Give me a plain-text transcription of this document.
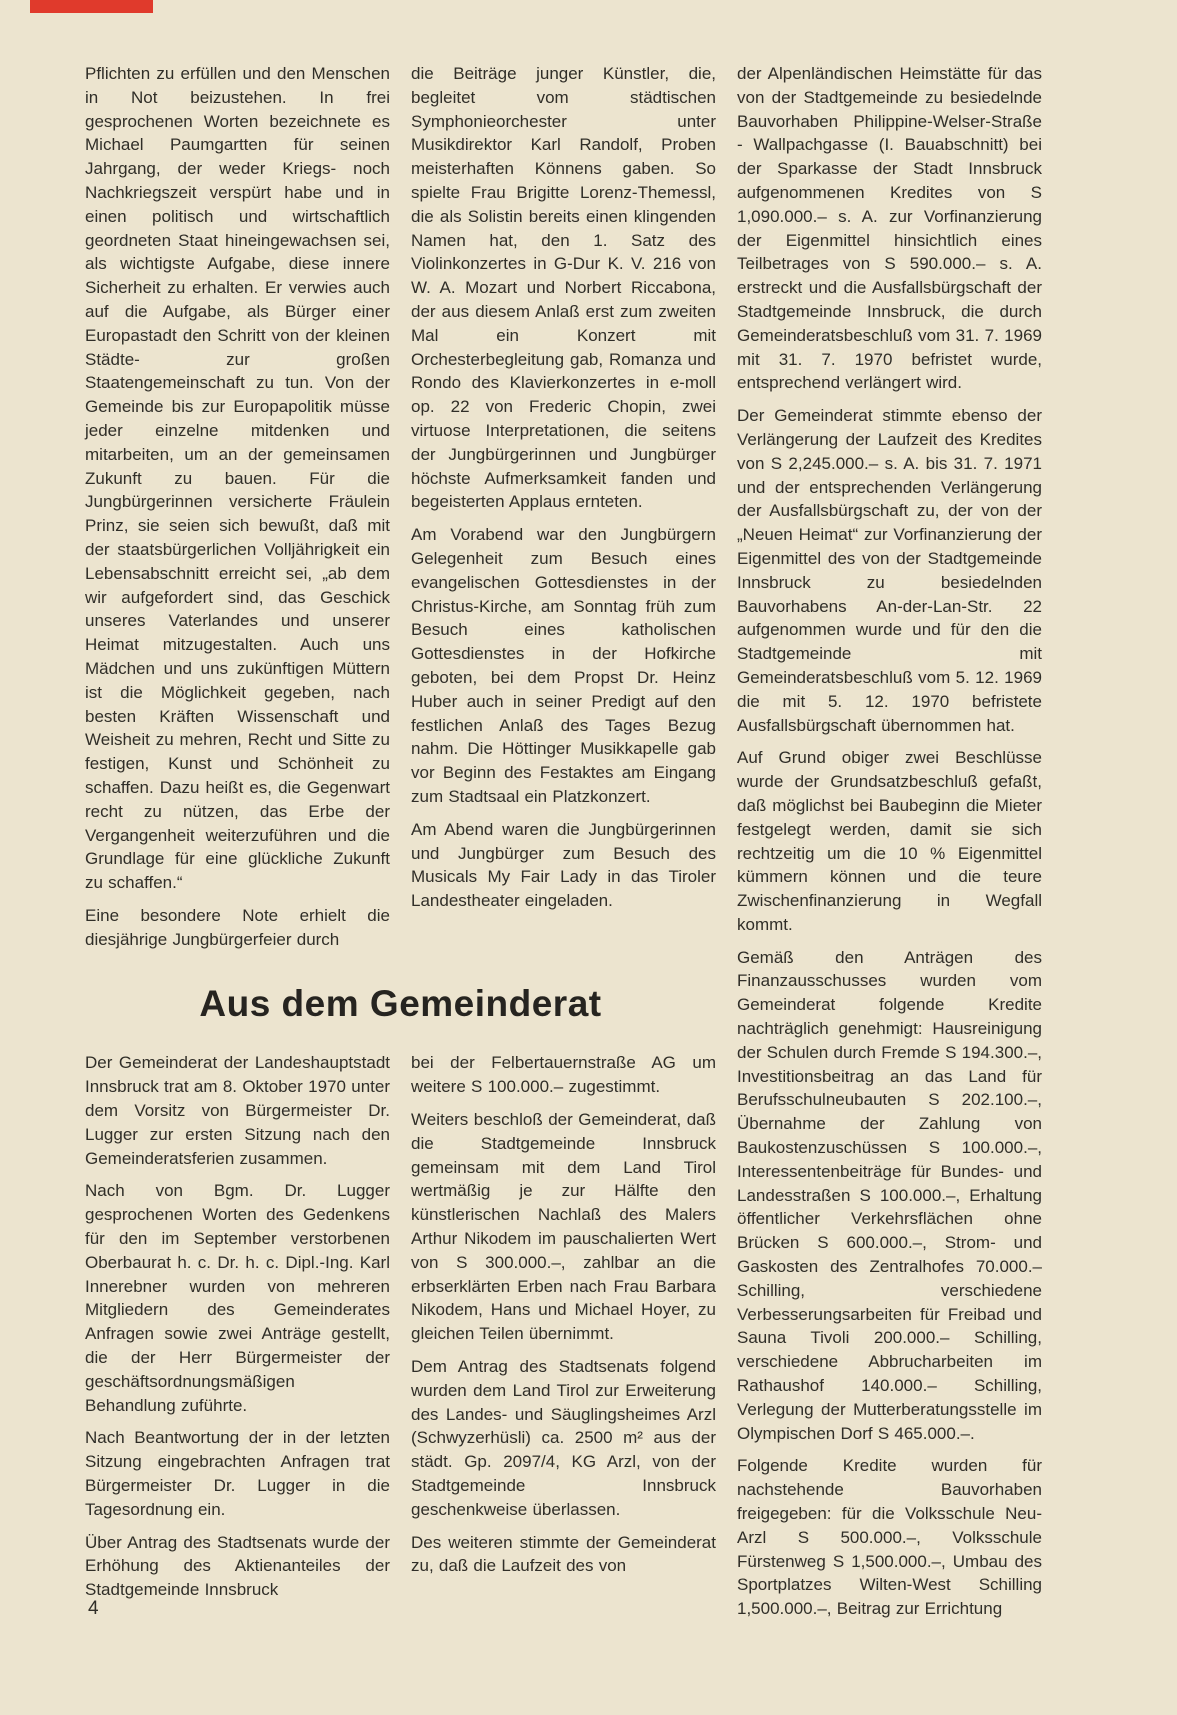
Pflichten zu erfüllen und den Menschen in Not beizustehen. In frei gesprochenen Worten bezeichnete es Michael Paumgartten für seinen Jahrgang, der weder Kriegs- noch Nachkriegszeit verspürt habe und in einen politisch und wirtschaftlich geordneten Staat hineingewachsen sei, als wichtigste Aufgabe, diese innere Sicherheit zu erhalten. Er verwies auch auf die Aufgabe, als Bürger einer Europastadt den Schritt von der kleinen Städte- zur großen Staatengemeinschaft zu tun. Von der Gemeinde bis zur Europapolitik müsse jeder einzelne mitdenken und mitarbeiten, um an der gemeinsamen Zukunft zu bauen. Für die Jungbürgerinnen versicherte Fräulein Prinz, sie seien sich bewußt, daß mit der staatsbürgerlichen Volljährigkeit ein Lebensabschnitt erreicht sei, „ab dem wir aufgefordert sind, das Geschick unseres Vaterlandes und unserer Heimat mitzugestalten. Auch uns Mädchen und uns zukünftigen Müttern ist die Möglichkeit gegeben, nach besten Kräften Wissenschaft und Weisheit zu mehren, Recht und Sitte zu festigen, Kunst und Schönheit zu schaffen. Dazu heißt es, die Gegenwart recht zu nützen, das Erbe der Vergangenheit weiterzuführen und die Grundlage für eine glückliche Zukunft zu schaffen.“

Eine besondere Note erhielt die diesjährige Jungbürgerfeier durch

die Beiträge junger Künstler, die, begleitet vom städtischen Symphonieorchester unter Musikdirektor Karl Randolf, Proben meisterhaften Könnens gaben. So spielte Frau Brigitte Lorenz-Themessl, die als Solistin bereits einen klingenden Namen hat, den 1. Satz des Violinkonzertes in G-Dur K. V. 216 von W. A. Mozart und Norbert Riccabona, der aus diesem Anlaß erst zum zweiten Mal ein Konzert mit Orchesterbegleitung gab, Romanza und Rondo des Klavierkonzertes in e-moll op. 22 von Frederic Chopin, zwei virtuose Interpretationen, die seitens der Jungbürgerinnen und Jungbürger höchste Aufmerksamkeit fanden und begeisterten Applaus ernteten.

Am Vorabend war den Jungbürgern Gelegenheit zum Besuch eines evangelischen Gottesdienstes in der Christus-Kirche, am Sonntag früh zum Besuch eines katholischen Gottesdienstes in der Hofkirche geboten, bei dem Propst Dr. Heinz Huber auch in seiner Predigt auf den festlichen Anlaß des Tages Bezug nahm. Die Höttinger Musikkapelle gab vor Beginn des Festaktes am Eingang zum Stadtsaal ein Platzkonzert.

Am Abend waren die Jungbürgerinnen und Jungbürger zum Besuch des Musicals My Fair Lady in das Tiroler Landestheater eingeladen.

Aus dem Gemeinderat

Der Gemeinderat der Landeshauptstadt Innsbruck trat am 8. Oktober 1970 unter dem Vorsitz von Bürgermeister Dr. Lugger zur ersten Sitzung nach den Gemeinderatsferien zusammen.

Nach von Bgm. Dr. Lugger gesprochenen Worten des Gedenkens für den im September verstorbenen Oberbaurat h. c. Dr. h. c. Dipl.-Ing. Karl Innerebner wurden von mehreren Mitgliedern des Gemeinderates Anfragen sowie zwei Anträge gestellt, die der Herr Bürgermeister der geschäftsordnungsmäßigen Behandlung zuführte.

Nach Beantwortung der in der letzten Sitzung eingebrachten Anfragen trat Bürgermeister Dr. Lugger in die Tagesordnung ein.

Über Antrag des Stadtsenats wurde der Erhöhung des Aktienanteiles der Stadtgemeinde Innsbruck

bei der Felbertauernstraße AG um weitere S 100.000.– zugestimmt.

Weiters beschloß der Gemeinderat, daß die Stadtgemeinde Innsbruck gemeinsam mit dem Land Tirol wertmäßig je zur Hälfte den künstlerischen Nachlaß des Malers Arthur Nikodem im pauschalierten Wert von S 300.000.–, zahlbar an die erbserklärten Erben nach Frau Barbara Nikodem, Hans und Michael Hoyer, zu gleichen Teilen übernimmt.

Dem Antrag des Stadtsenats folgend wurden dem Land Tirol zur Erweiterung des Landes- und Säuglingsheimes Arzl (Schwyzerhüsli) ca. 2500 m² aus der städt. Gp. 2097/4, KG Arzl, von der Stadtgemeinde Innsbruck geschenkweise überlassen.

Des weiteren stimmte der Gemeinderat zu, daß die Laufzeit des von

der Alpenländischen Heimstätte für das von der Stadtgemeinde zu besiedelnde Bauvorhaben Philippine-Welser-Straße - Wallpachgasse (I. Bauabschnitt) bei der Sparkasse der Stadt Innsbruck aufgenommenen Kredites von S 1,090.000.– s. A. zur Vorfinanzierung der Eigenmittel hinsichtlich eines Teilbetrages von S 590.000.– s. A. erstreckt und die Ausfallsbürgschaft der Stadtgemeinde Innsbruck, die durch Gemeinderatsbeschluß vom 31. 7. 1969 mit 31. 7. 1970 befristet wurde, entsprechend verlängert wird.

Der Gemeinderat stimmte ebenso der Verlängerung der Laufzeit des Kredites von S 2,245.000.– s. A. bis 31. 7. 1971 und der entsprechenden Verlängerung der Ausfallsbürgschaft zu, der von der „Neuen Heimat“ zur Vorfinanzierung der Eigenmittel des von der Stadtgemeinde Innsbruck zu besiedelnden Bauvorhabens An-der-Lan-Str. 22 aufgenommen wurde und für den die Stadtgemeinde mit Gemeinderatsbeschluß vom 5. 12. 1969 die mit 5. 12. 1970 befristete Ausfallsbürgschaft übernommen hat.

Auf Grund obiger zwei Beschlüsse wurde der Grundsatzbeschluß gefaßt, daß möglichst bei Baubeginn die Mieter festgelegt werden, damit sie sich rechtzeitig um die 10 % Eigenmittel kümmern können und die teure Zwischenfinanzierung in Wegfall kommt.

Gemäß den Anträgen des Finanzausschusses wurden vom Gemeinderat folgende Kredite nachträglich genehmigt: Hausreinigung der Schulen durch Fremde S 194.300.–, Investitionsbeitrag an das Land für Berufsschulneubauten S 202.100.–, Übernahme der Zahlung von Baukostenzuschüssen S 100.000.–, Interessentenbeiträge für Bundes- und Landesstraßen S 100.000.–, Erhaltung öffentlicher Verkehrsflächen ohne Brücken S 600.000.–, Strom- und Gaskosten des Zentralhofes 70.000.– Schilling, verschiedene Verbesserungsarbeiten für Freibad und Sauna Tivoli 200.000.– Schilling, verschiedene Abbrucharbeiten im Rathaushof 140.000.– Schilling, Verlegung der Mutterberatungsstelle im Olympischen Dorf S 465.000.–.

Folgende Kredite wurden für nachstehende Bauvorhaben freigegeben: für die Volksschule Neu-Arzl S 500.000.–, Volksschule Fürstenweg S 1,500.000.–, Umbau des Sportplatzes Wilten-West Schilling 1,500.000.–, Beitrag zur Errichtung

4
